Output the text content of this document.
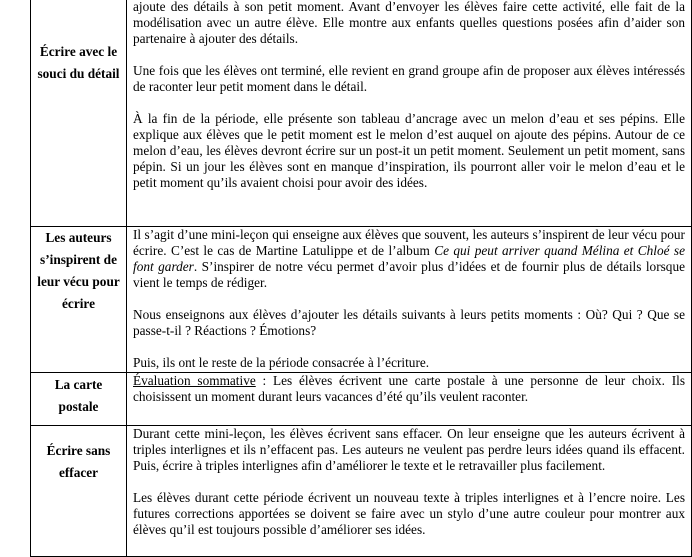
Écrire avec le souci du détail	ajoute des détails à son petit moment. Avant d’envoyer les élèves faire cette activité, elle fait de la modélisation avec un autre élève. Elle montre aux enfants quelles questions posées afin d’aider son partenaire à ajouter des détails.

Une fois que les élèves ont terminé, elle revient en grand groupe afin de proposer aux élèves intéressés de raconter leur petit moment dans le détail.

À la fin de la période, elle présente son tableau d’ancrage avec un melon d’eau et ses pépins. Elle explique aux élèves que le petit moment est le melon d’est auquel on ajoute des pépins. Autour de ce melon d’eau, les élèves devront écrire sur un post-it un petit moment. Seulement un petit moment, sans pépin. Si un jour les élèves sont en manque d’inspiration, ils pourront aller voir le melon d’eau et le petit moment qu’ils avaient choisi pour avoir des idées.

Les auteurs s’inspirent de leur vécu pour écrire	Il s’agit d’une mini-leçon qui enseigne aux élèves que souvent, les auteurs s’inspirent de leur vécu pour écrire. C’est le cas de Martine Latulippe et de l’album Ce qui peut arriver quand Mélina et Chloé se font garder. S’inspirer de notre vécu permet d’avoir plus d’idées et de fournir plus de détails lorsque vient le temps de rédiger.

Nous enseignons aux élèves d’ajouter les détails suivants à leurs petits moments : Où? Qui ? Que se passe-t-il ? Réactions ? Émotions?

Puis, ils ont le reste de la période consacrée à l’écriture.

La carte postale	Évaluation sommative : Les élèves écrivent une carte postale à une personne de leur choix. Ils choisissent un moment durant leurs vacances d’été qu’ils veulent raconter.

Écrire sans effacer	Durant cette mini-leçon, les élèves écrivent sans effacer. On leur enseigne que les auteurs écrivent à triples interlignes et ils n’effacent pas. Les auteurs ne veulent pas perdre leurs idées quand ils effacent. Puis, écrire à triples interlignes afin d’améliorer le texte et le retravailler plus facilement.

Les élèves durant cette période écrivent un nouveau texte à triples interlignes et à l’encre noire. Les futures corrections apportées se doivent se faire avec un stylo d’une autre couleur pour montrer aux élèves qu’il est toujours possible d’améliorer ses idées.
